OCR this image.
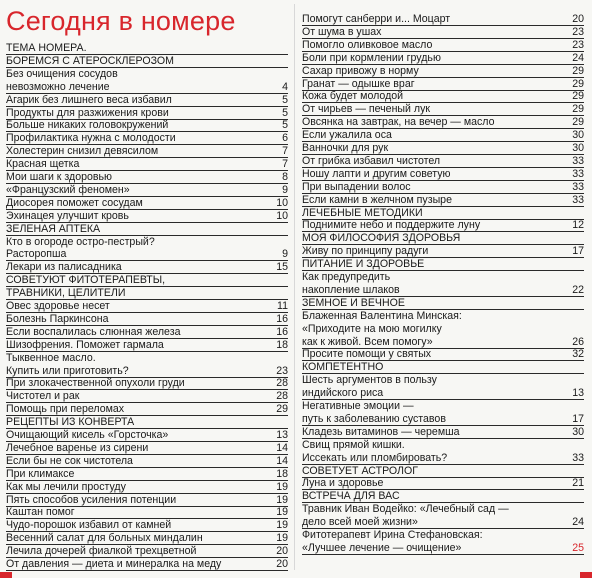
Сегодня в номере
ТЕМА НОМЕРА.
БОРЕМСЯ С АТЕРОСКЛЕРОЗОМ
Без очищения сосудов
невозможно лечение	4
Агарик без лишнего веса избавил	5
Продукты для разжижения крови	5
Больше никаких головокружений	5
Профилактика нужна с молодости	6
Холестерин снизил девясилом	7
Красная щетка	7
Мои шаги к здоровью	8
«Французский феномен»	9
Диосорея поможет сосудам	10
Эхинацея улучшит кровь	10
ЗЕЛЕНАЯ АПТЕКА
Кто в огороде остро-пестрый?
Расторопша	9
Лекари из палисадника	15
СОВЕТУЮТ ФИТОТЕРАПЕВТЫ,
ТРАВНИКИ, ЦЕЛИТЕЛИ
Овес здоровье несет	11
Болезнь Паркинсона	16
Если воспалилась слюнная железа	16
Шизофрения. Поможет гармала	18
Тыквенное масло.
Купить или приготовить?	23
При злокачественной опухоли груди	28
Чистотел и рак	28
Помощь при переломах	29
РЕЦЕПТЫ ИЗ КОНВЕРТА
Очищающий кисель «Горсточка»	13
Лечебное варенье из сирени	14
Если бы не сок чистотела	14
При климаксе	18
Как мы лечили простуду	19
Пять способов усиления потенции	19
Каштан помог	19
Чудо-порошок избавил от камней	19
Весенний салат для больных миндалин	19
Лечила дочерей фиалкой трехцветной	20
От давления — диета и минералка на меду	20
Помогут санберри и... Моцарт	20
От шума в ушах	23
Помогло оливковое масло	23
Боли при кормлении грудью	24
Сахар привожу в норму	29
Гранат — одышке враг	29
Кожа будет молодой	29
От чирьев — печеный лук	29
Овсянка на завтрак, на вечер — масло	29
Если ужалила оса	30
Ванночки для рук	30
От грибка избавил чистотел	33
Ношу лапти и другим советую	33
При выпадении волос	33
Если камни в желчном пузыре	33
ЛЕЧЕБНЫЕ МЕТОДИКИ
Поднимите небо и поддержите луну	12
МОЯ ФИЛОСОФИЯ ЗДОРОВЬЯ
Живу по принципу радуги	17
ПИТАНИЕ И ЗДОРОВЬЕ
Как предупредить
накопление шлаков	22
ЗЕМНОЕ И ВЕЧНОЕ
Блаженная Валентина Минская:
«Приходите на мою могилку
как к живой. Всем помогу»	26
Просите помощи у святых	32
КОМПЕТЕНТНО
Шесть аргументов в пользу
индийского риса	13
Негативные эмоции —
путь к заболеванию суставов	17
Кладезь витаминов — черемша	30
Свищ прямой кишки.
Иссекать или пломбировать?	33
СОВЕТУЕТ АСТРОЛОГ
Луна и здоровье	21
ВСТРЕЧА ДЛЯ ВАС
Травник Иван Водейко: «Лечебный сад —
дело всей моей жизни»	24
Фитотерапевт Ирина Стефановская:
«Лучшее лечение — очищение»	25
